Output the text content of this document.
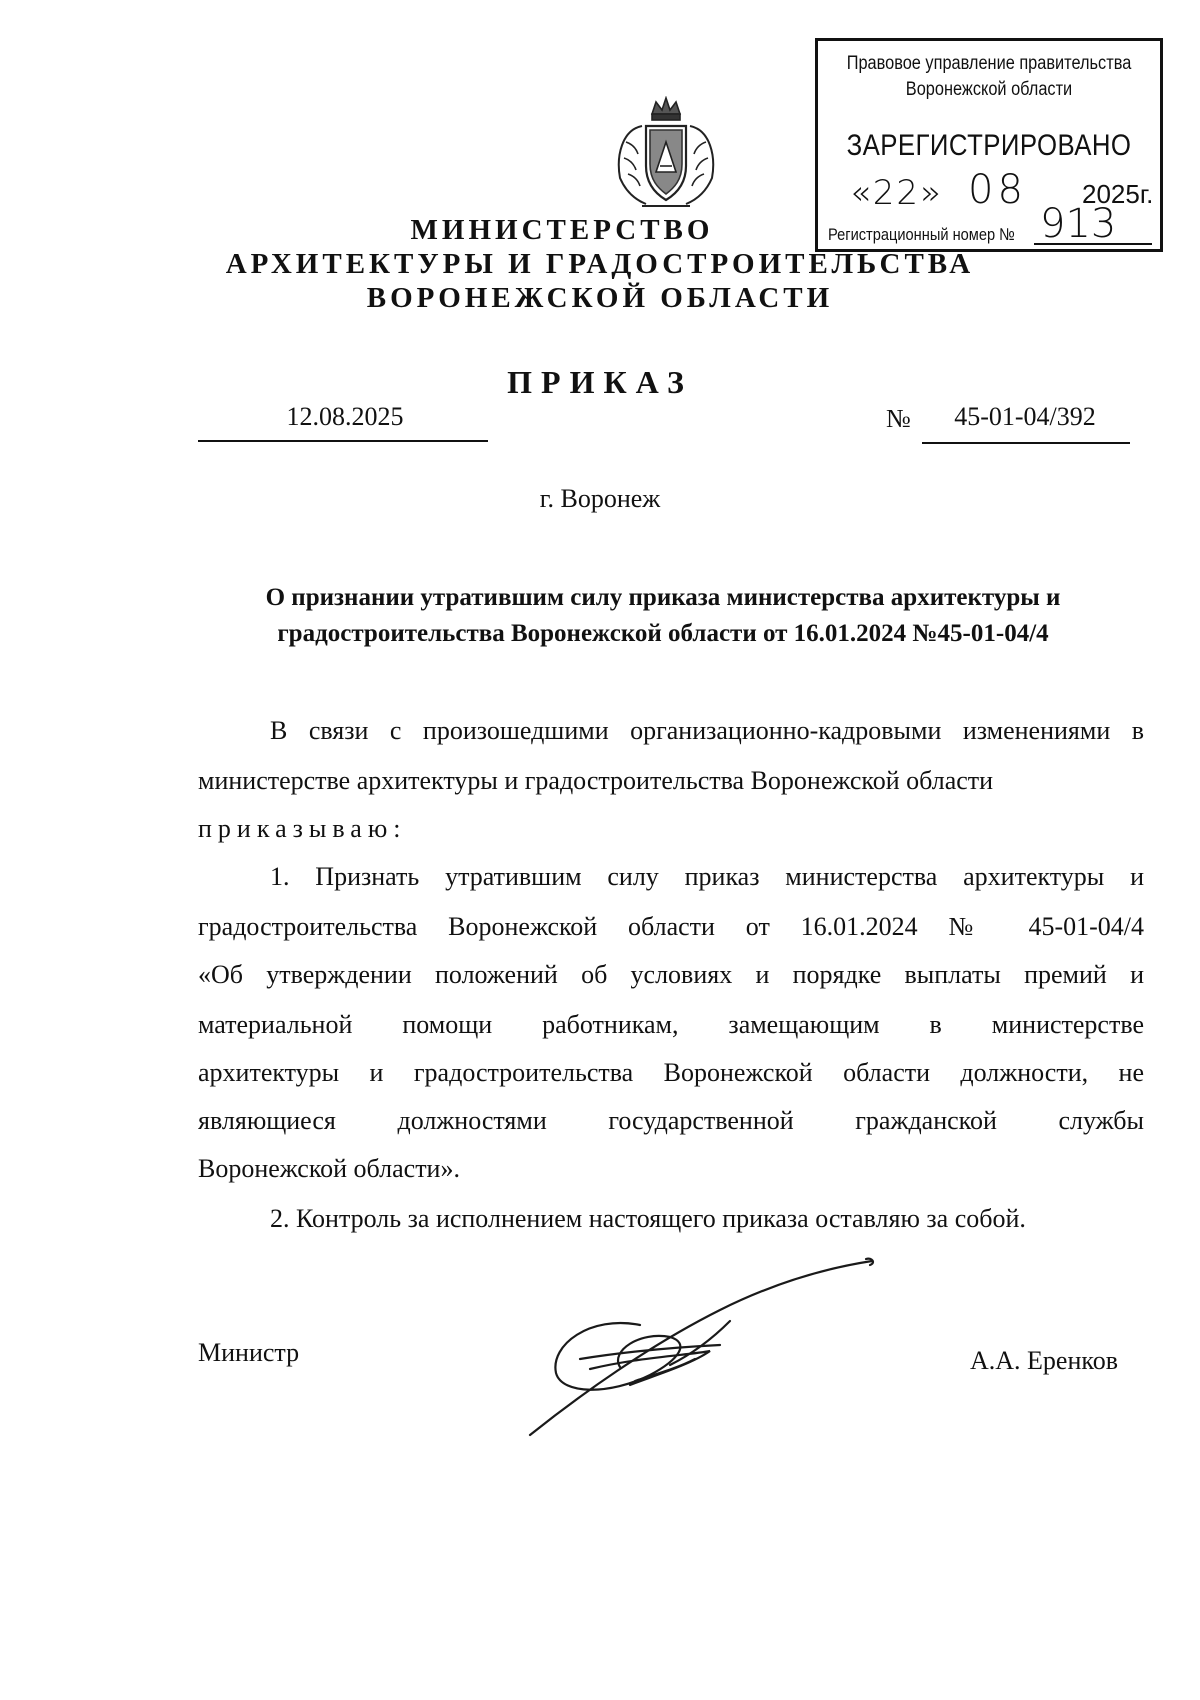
Правовое управление правительства
Воронежской области
ЗАРЕГИСТРИРОВАНО
«22» 08 2025г.
Регистрационный номер № 913
МИНИСТЕРСТВО
АРХИТЕКТУРЫ И ГРАДОСТРОИТЕЛЬСТВА
ВОРОНЕЖСКОЙ ОБЛАСТИ
ПРИКАЗ
12.08.2025	№	45-01-04/392
г. Воронеж
О признании утратившим силу приказа министерства архитектуры и
градостроительства Воронежской области от 16.01.2024 №45-01-04/4
В связи с произошедшими организационно-кадровыми изменениями в
министерстве архитектуры и градостроительства Воронежской области
приказываю:
1. Признать утратившим силу приказ министерства архитектуры и
градостроительства Воронежской области от 16.01.2024 № 45-01-04/4
«Об утверждении положений об условиях и порядке выплаты премий и
материальной помощи работникам, замещающим в министерстве
архитектуры и градостроительства Воронежской области должности, не
являющиеся должностями государственной гражданской службы
Воронежской области».
2. Контроль за исполнением настоящего приказа оставляю за собой.
Министр	А.А. Еренков
